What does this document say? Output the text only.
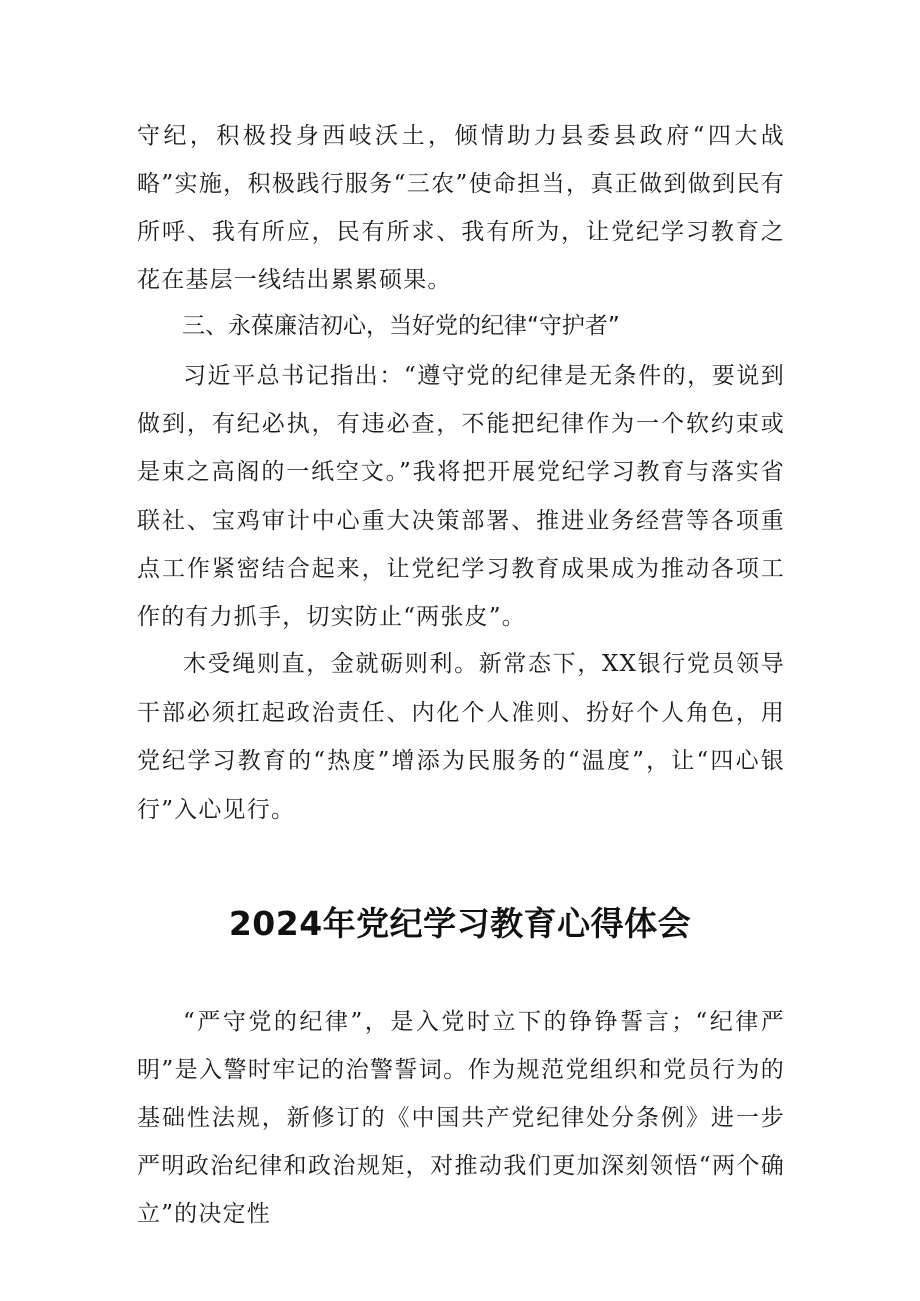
守纪，积极投身西岐沃土，倾情助力县委县政府“四大战略”实施，积极践行服务“三农”使命担当，真正做到做到民有所呼、我有所应，民有所求、我有所为，让党纪学习教育之花在基层一线结出累累硕果。

三、永葆廉洁初心，当好党的纪律“守护者”

习近平总书记指出：“遵守党的纪律是无条件的，要说到做到，有纪必执，有违必查，不能把纪律作为一个软约束或是束之高阁的一纸空文。”我将把开展党纪学习教育与落实省联社、宝鸡审计中心重大决策部署、推进业务经营等各项重点工作紧密结合起来，让党纪学习教育成果成为推动各项工作的有力抓手，切实防止“两张皮”。

木受绳则直，金就砺则利。新常态下，XX银行党员领导干部必须扛起政治责任、内化个人准则、扮好个人角色，用党纪学习教育的“热度”增添为民服务的“温度”，让“四心银行”入心见行。

2024年党纪学习教育心得体会

“严守党的纪律”，是入党时立下的铮铮誓言；“纪律严明”是入警时牢记的治警誓词。作为规范党组织和党员行为的基础性法规，新修订的《中国共产党纪律处分条例》进一步严明政治纪律和政治规矩，对推动我们更加深刻领悟“两个确立”的决定性
